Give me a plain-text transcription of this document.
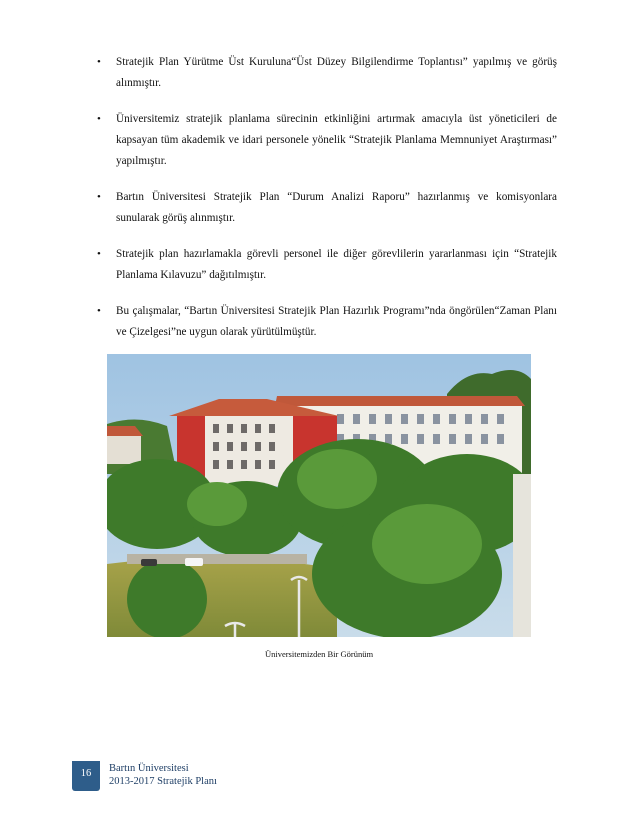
• Stratejik Plan Yürütme Üst Kuruluna“Üst Düzey Bilgilendirme Toplantısı” yapılmış ve görüş alınmıştır.
• Üniversitemiz stratejik planlama sürecinin etkinliğini artırmak amacıyla üst yöneticileri de kapsayan tüm akademik ve idari personele yönelik “Stratejik Planlama Memnuniyet Araştırması” yapılmıştır.
• Bartın Üniversitesi Stratejik Plan “Durum Analizi Raporu” hazırlanmış ve komisyonlara sunularak görüş alınmıştır.
• Stratejik plan hazırlamakla görevli personel ile diğer görevlilerin yararlanması için “Stratejik Planlama Kılavuzu” dağıtılmıştır.
• Bu çalışmalar, “Bartın Üniversitesi Stratejik Plan Hazırlık Programı”nda öngörülen“Zaman Planı ve Çizelgesi”ne uygun olarak yürütülmüştür.
Üniversitemizden Bir Görünüm
16	Bartın Üniversitesi
2013-2017 Stratejik Planı
